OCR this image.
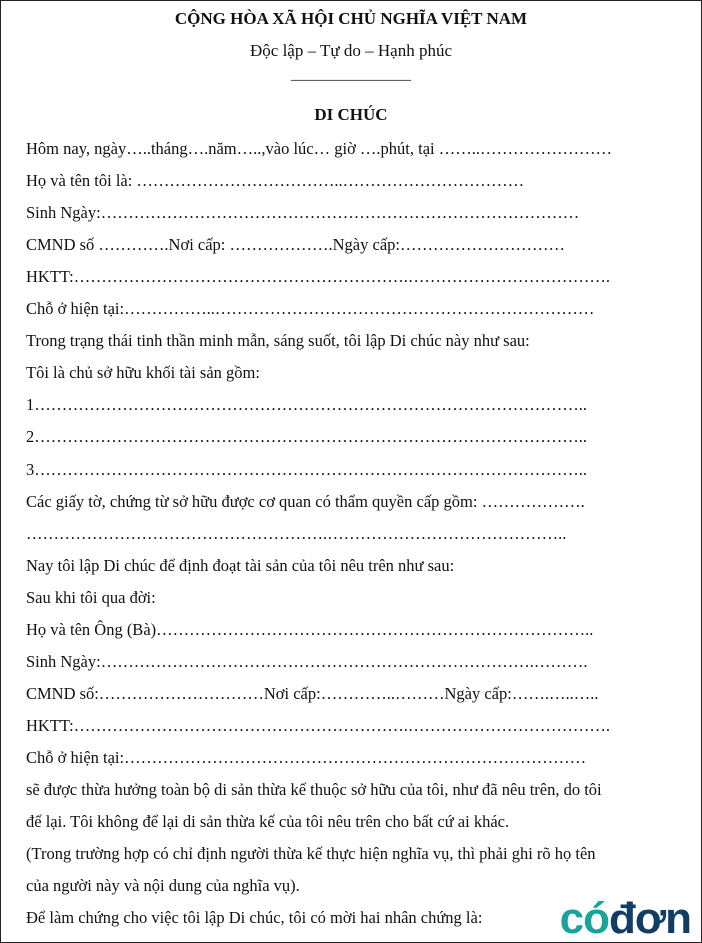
CỘNG HÒA XÃ HỘI CHỦ NGHĨA VIỆT NAM
Độc lập – Tự do – Hạnh phúc
________________
DI CHÚC
Hôm nay, ngày…..tháng….năm…..,vào lúc… giờ ….phút, tại ……..……………………
Họ và tên tôi là: ………………………………..……………………………
Sinh Ngày:……………………………………………………………………………
CMND số ………….Nơi cấp: ……………….Ngày cấp:…………………………
HKTT:…………………………………………………….……………………………….
Chỗ ở hiện tại:……………..……………………………………………………………
Trong trạng thái tinh thần minh mẫn, sáng suốt, tôi lập Di chúc này như sau:
Tôi là chủ sở hữu khối tài sản gồm:
1………………………………………………………………………………………..
2………………………………………………………………………………………..
3………………………………………………………………………………………..
Các giấy tờ, chứng từ sở hữu được cơ quan có thẩm quyền cấp gồm: ……………….
……………………………………………….……………………………………..
Nay tôi lập Di chúc để định đoạt tài sản của tôi nêu trên như sau:
Sau khi tôi qua đời:
Họ và tên Ông (Bà)……………………………………………………………………..
Sinh Ngày:…………………………………………………………………….……….
CMND số:…………………………Nơi cấp:…………..………Ngày cấp:…….…..…..
HKTT:…………………………………………………….……………………………….
Chỗ ở hiện tại:…………………………………………………………………………
sẽ được thừa hưởng toàn bộ di sản thừa kế thuộc sở hữu của tôi, như đã nêu trên, do tôi
để lại. Tôi không để lại di sản thừa kế của tôi nêu trên cho bất cứ ai khác.
(Trong trường hợp có chỉ định người thừa kế thực hiện nghĩa vụ, thì phải ghi rõ họ tên
của người này và nội dung của nghĩa vụ).
Để làm chứng cho việc tôi lập Di chúc, tôi có mời hai nhân chứng là: cóđơn
